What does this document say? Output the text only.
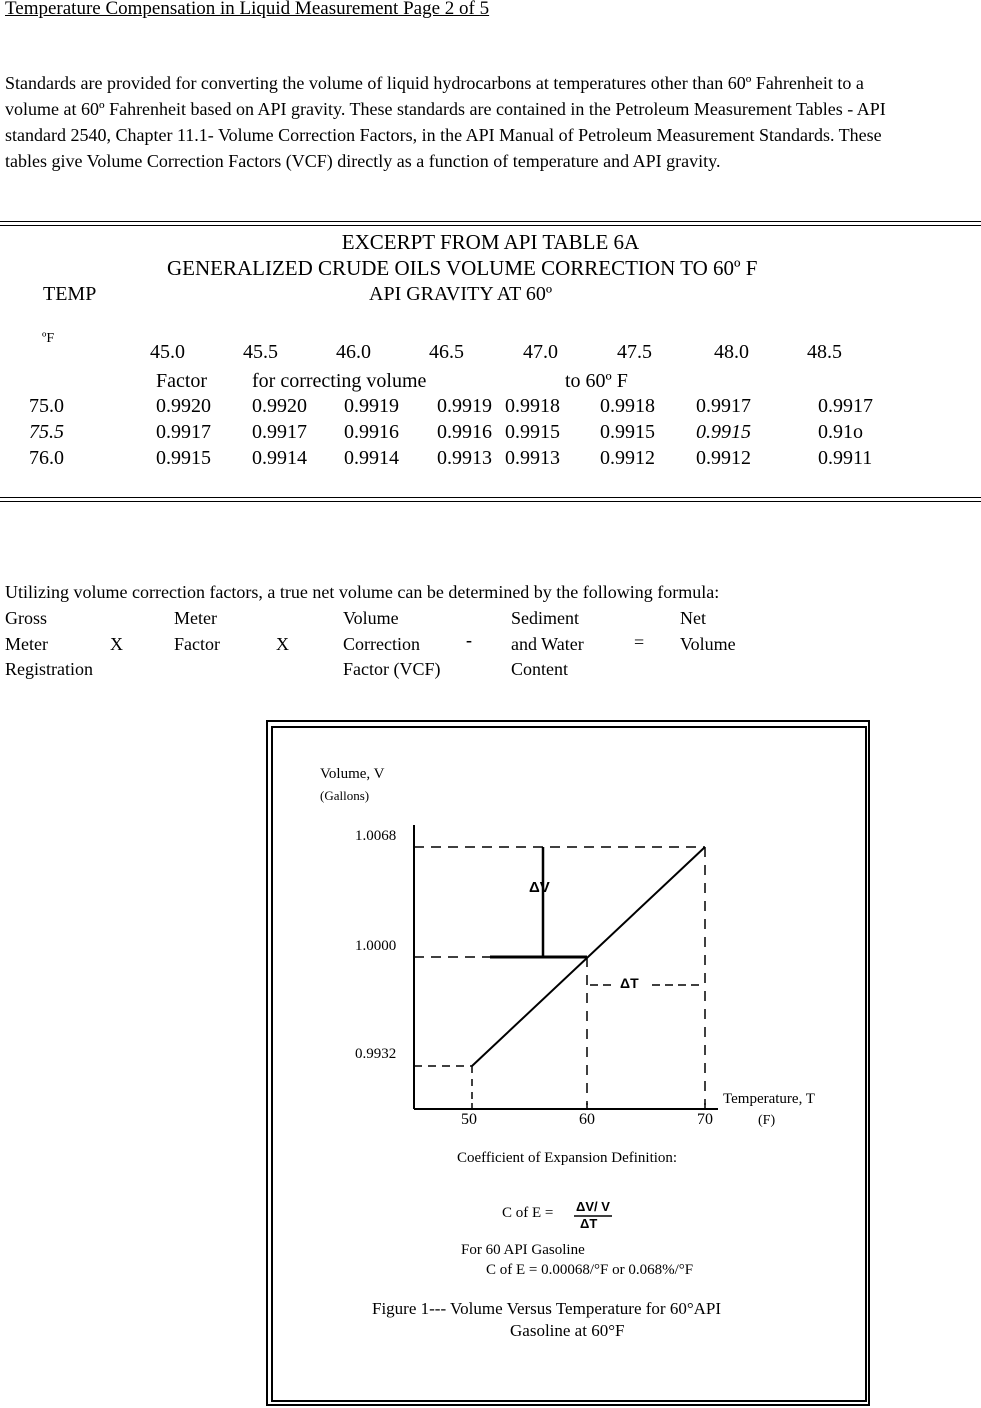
Temperature Compensation in Liquid Measurement Page 2 of 5
Standards are provided for converting the volume of liquid hydrocarbons at temperatures other than 60º Fahrenheit to a volume at 60º Fahrenheit based on API gravity. These standards are contained in the Petroleum Measurement Tables - API standard 2540, Chapter 11.1- Volume Correction Factors, in the API Manual of Petroleum Measurement Standards. These tables give Volume Correction Factors (VCF) directly as a function of temperature and API gravity.
EXCERPT FROM API TABLE 6A
GENERALIZED CRUDE OILS VOLUME CORRECTION TO 60º F
TEMP	API GRAVITY AT 60º
ºF
45.0	45.5	46.0	46.5	47.0	47.5	48.0	48.5
Factor for correcting volume	to 60º F
75.0	0.9920 0.9920 0.9919 0.9919 0.9918 0.9918 0.9917	0.9917
75.5	0.9917 0.9917 0.9916 0.9916 0.9915 0.9915 0.9915	0.91o
76.0	0.9915 0.9914 0.9914 0.9913 0.9913 0.9912 0.9912	0.9911
Utilizing volume correction factors, a true net volume can be determined by the following formula:
Gross
Meter
Registration
X
Meter
Factor	X
Volume
Correction
Factor (VCF)
-
Sediment
and Water
Content
=
Net
Volume
Volume, V
(Gallons)
1.0068
1.0000
0.9932
50	60	70
Temperature, T
(F)
ΔV
ΔT
Coefficient of Expansion Definition:
C of E = ΔV/ V
ΔT
For 60 API Gasoline
C of E = 0.00068/°F or 0.068%/°F
Figure 1--- Volume Versus Temperature for 60°API
Gasoline at 60°F
